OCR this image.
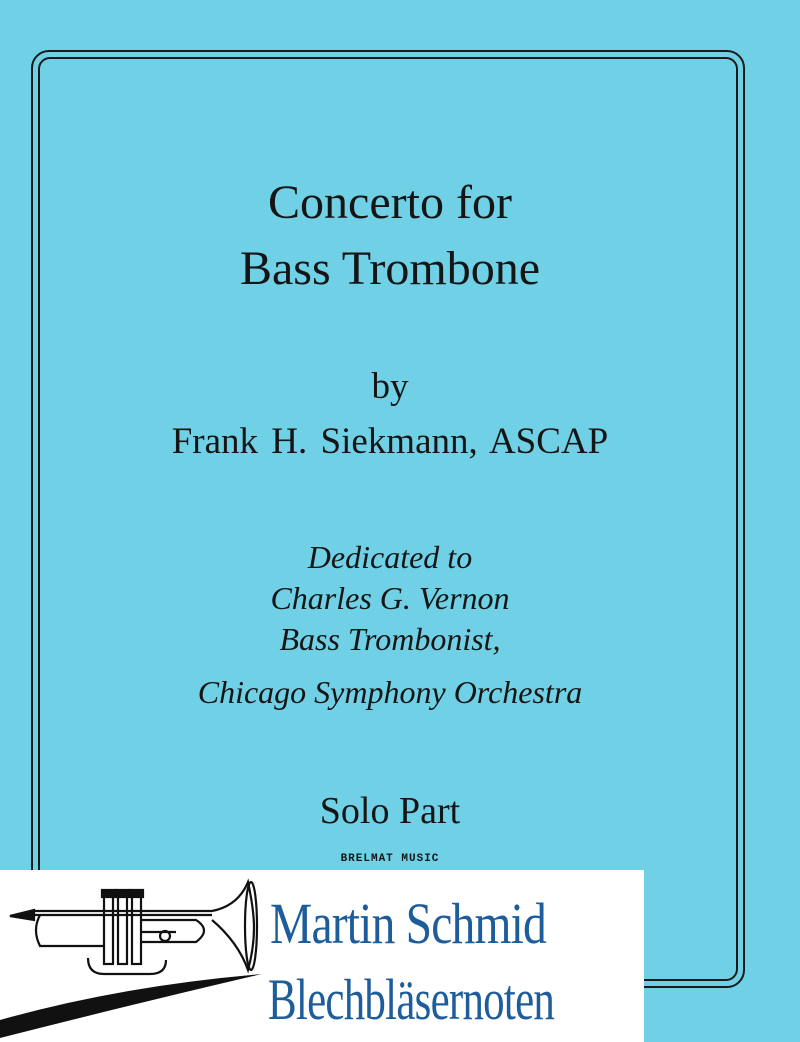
Concerto for
Bass Trombone
by
Frank H. Siekmann, ASCAP
Dedicated to
Charles G. Vernon
Bass Trombonist,
Chicago Symphony Orchestra
Solo Part
BRELMAT MUSIC
Martin Schmid
Blechbläsernoten
